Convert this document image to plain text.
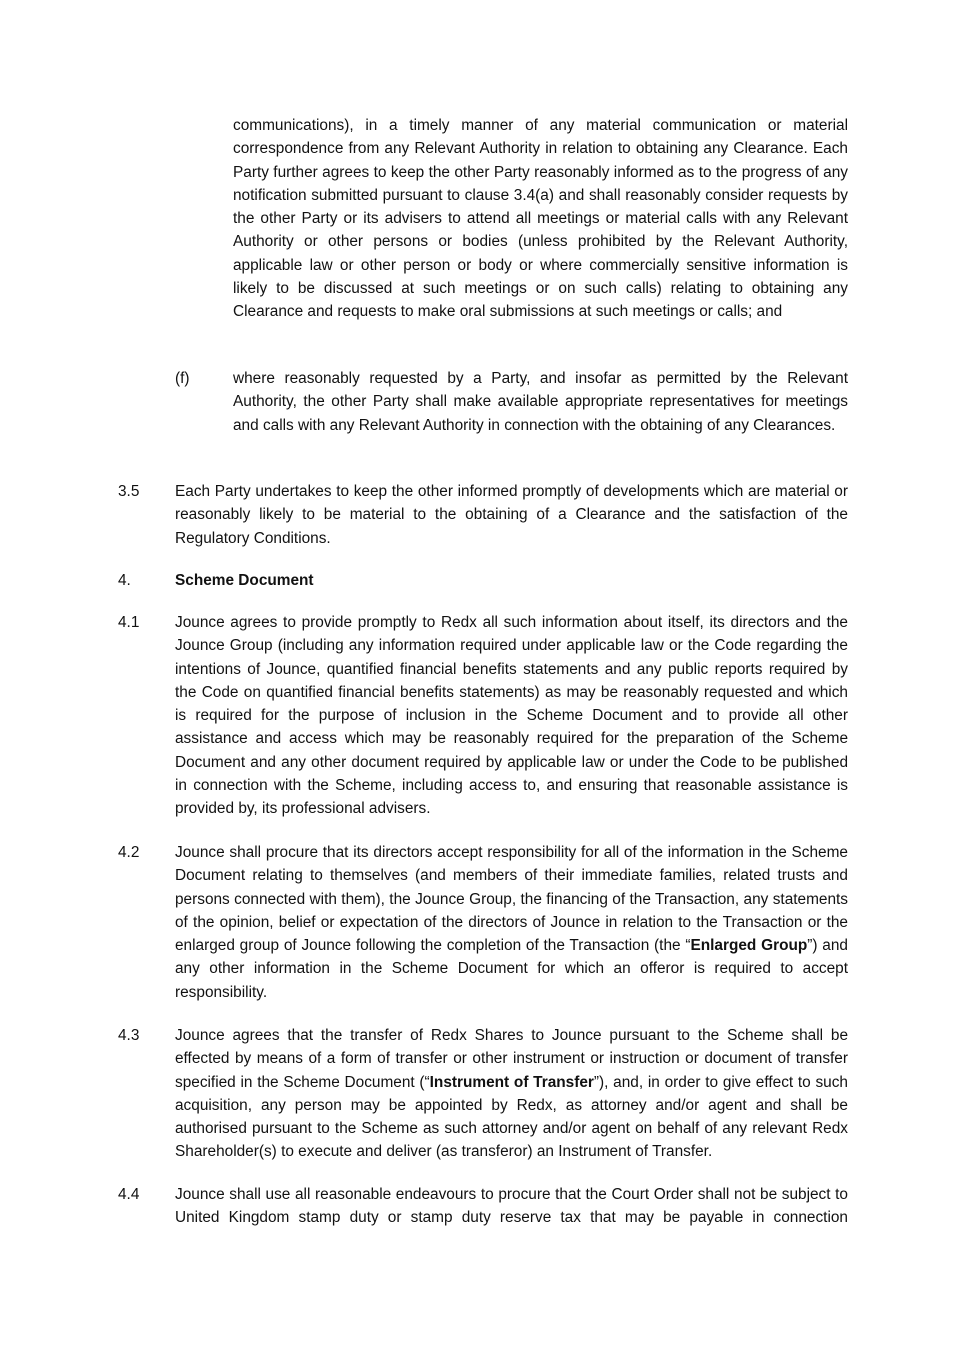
communications), in a timely manner of any material communication or material correspondence from any Relevant Authority in relation to obtaining any Clearance. Each Party further agrees to keep the other Party reasonably informed as to the progress of any notification submitted pursuant to clause 3.4(a) and shall reasonably consider requests by the other Party or its advisers to attend all meetings or material calls with any Relevant Authority or other persons or bodies (unless prohibited by the Relevant Authority, applicable law or other person or body or where commercially sensitive information is likely to be discussed at such meetings or on such calls) relating to obtaining any Clearance and requests to make oral submissions at such meetings or calls; and
(f)	where reasonably requested by a Party, and insofar as permitted by the Relevant Authority, the other Party shall make available appropriate representatives for meetings and calls with any Relevant Authority in connection with the obtaining of any Clearances.
3.5 Each Party undertakes to keep the other informed promptly of developments which are material or reasonably likely to be material to the obtaining of a Clearance and the satisfaction of the Regulatory Conditions.
4.	Scheme Document
4.1 Jounce agrees to provide promptly to Redx all such information about itself, its directors and the Jounce Group (including any information required under applicable law or the Code regarding the intentions of Jounce, quantified financial benefits statements and any public reports required by the Code on quantified financial benefits statements) as may be reasonably requested and which is required for the purpose of inclusion in the Scheme Document and to provide all other assistance and access which may be reasonably required for the preparation of the Scheme Document and any other document required by applicable law or under the Code to be published in connection with the Scheme, including access to, and ensuring that reasonable assistance is provided by, its professional advisers.
4.2 Jounce shall procure that its directors accept responsibility for all of the information in the Scheme Document relating to themselves (and members of their immediate families, related trusts and persons connected with them), the Jounce Group, the financing of the Transaction, any statements of the opinion, belief or expectation of the directors of Jounce in relation to the Transaction or the enlarged group of Jounce following the completion of the Transaction (the “Enlarged Group”) and any other information in the Scheme Document for which an offeror is required to accept responsibility.
4.3 Jounce agrees that the transfer of Redx Shares to Jounce pursuant to the Scheme shall be effected by means of a form of transfer or other instrument or instruction or document of transfer specified in the Scheme Document (“Instrument of Transfer”), and, in order to give effect to such acquisition, any person may be appointed by Redx, as attorney and/or agent and shall be authorised pursuant to the Scheme as such attorney and/or agent on behalf of any relevant Redx Shareholder(s) to execute and deliver (as transferor) an Instrument of Transfer.
4.4 Jounce shall use all reasonable endeavours to procure that the Court Order shall not be subject to United Kingdom stamp duty or stamp duty reserve tax that may be payable in connection
